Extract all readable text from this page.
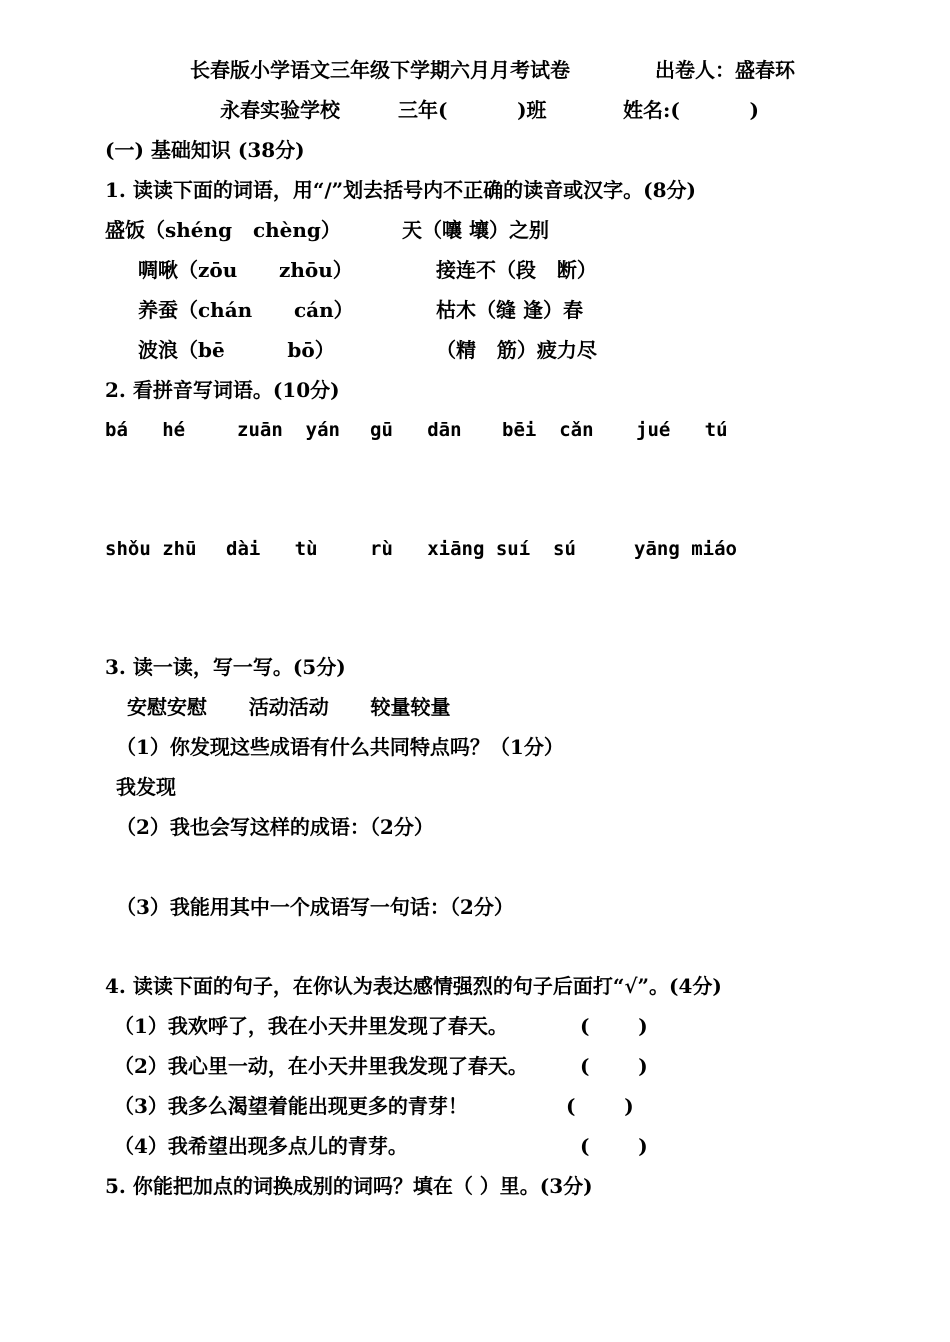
长春版小学语文三年级下学期六月月考试卷	出卷人：盛春环
永春实验学校	三年(          )班	姓名:(          )
(一) 基础知识 (38分)
1. 读读下面的词语，用“/”划去括号内不正确的读音或汉字。(8分)
盛饭（shéng   chèng）	天（嚷 壤）之别
啁啾（zōu      zhōu）	接连不（段   断）
养蚕（chán      cán）	枯木（缝 逢）春
波浪（bē         bō）	（精   筋）疲力尽
2. 看拼音写词语。(10分)
bá   hé	zuān  yán gū   dān bēi  cǎn jué   tú
shǒu zhū dài   tù	rù   xiāng suí  sú	yāng miáo
3. 读一读，写一写。(5分)
安慰安慰      活动活动      较量较量
（1）你发现这些成语有什么共同特点吗？（1分）
我发现
（2）我也会写这样的成语：（2分）
（3）我能用其中一个成语写一句话：（2分）
4. 读读下面的句子，在你认为表达感情强烈的句子后面打“√”。(4分)
（1）我欢呼了，我在小天井里发现了春天。	(       )
（2）我心里一动，在小天井里我发现了春天。	(       )
（3）我多么渴望着能出现更多的青芽！	(       )
（4）我希望出现多点儿的青芽。	(       )
5. 你能把加点的词换成别的词吗？填在（ ）里。(3分)
